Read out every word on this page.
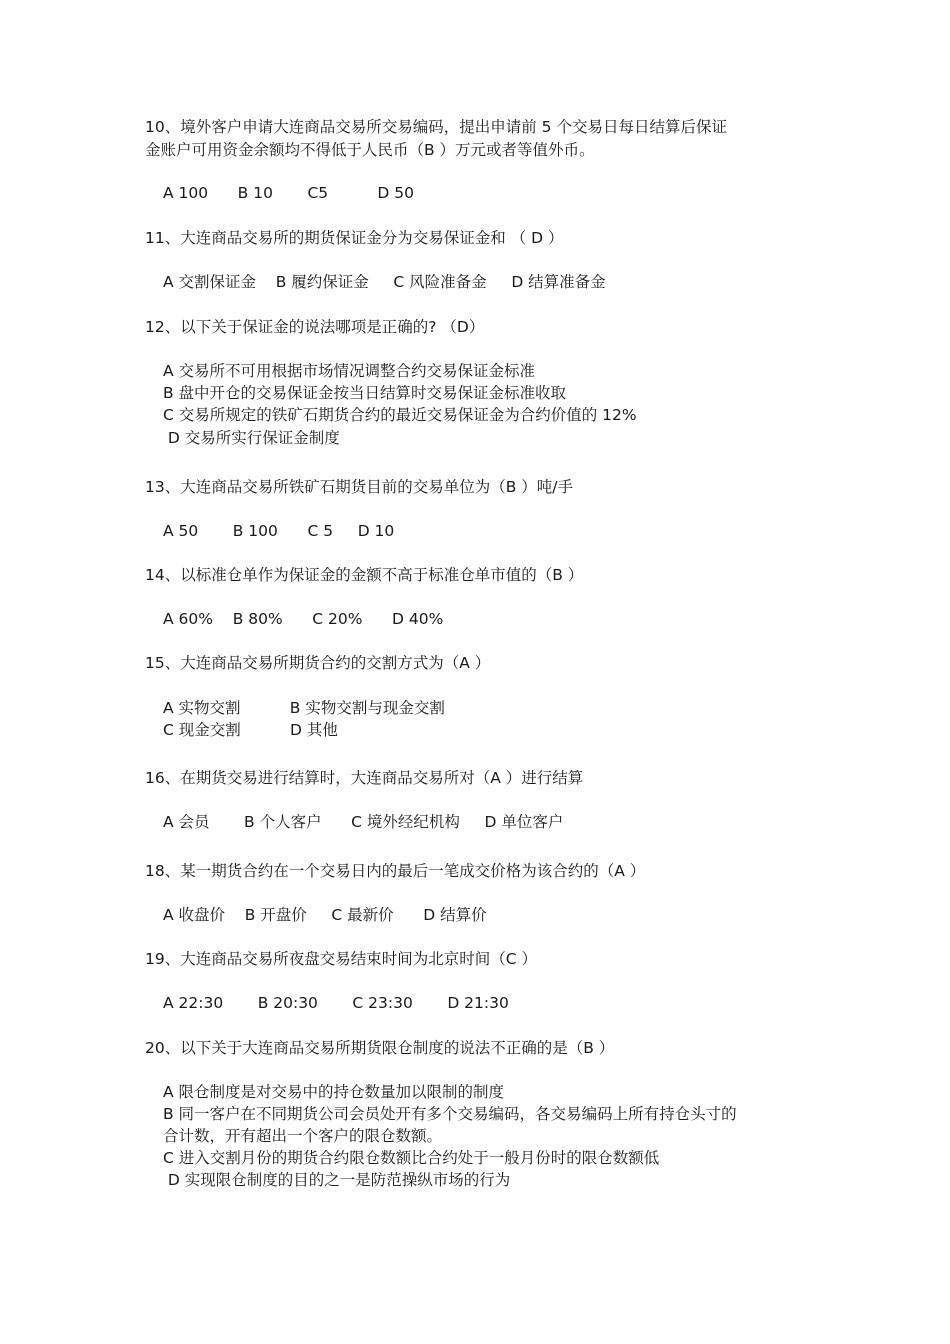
10、境外客户申请大连商品交易所交易编码，提出申请前 5 个交易日每日结算后保证
金账户可用资金余额均不得低于人民币（B ）万元或者等值外币。
A 100      B 10       C5          D 50
11、大连商品交易所的期货保证金分为交易保证金和 （ D ）
A 交割保证金    B 履约保证金     C 风险准备金     D 结算准备金
12、以下关于保证金的说法哪项是正确的? （D）
A 交易所不可用根据市场情况调整合约交易保证金标准
B 盘中开仓的交易保证金按当日结算时交易保证金标准收取
C 交易所规定的铁矿石期货合约的最近交易保证金为合约价值的 12%
D 交易所实行保证金制度
13、大连商品交易所铁矿石期货目前的交易单位为（B ）吨/手
A 50       B 100      C 5     D 10
14、以标准仓单作为保证金的金额不高于标准仓单市值的（B ）
A 60%    B 80%      C 20%      D 40%
15、大连商品交易所期货合约的交割方式为（A ）
A 实物交割          B 实物交割与现金交割
C 现金交割          D 其他
16、在期货交易进行结算时，大连商品交易所对（A ）进行结算
A 会员       B 个人客户      C 境外经纪机构     D 单位客户
18、某一期货合约在一个交易日内的最后一笔成交价格为该合约的（A ）
A 收盘价    B 开盘价     C 最新价      D 结算价
19、大连商品交易所夜盘交易结束时间为北京时间（C ）
A 22:30       B 20:30       C 23:30       D 21:30
20、以下关于大连商品交易所期货限仓制度的说法不正确的是（B ）
A 限仓制度是对交易中的持仓数量加以限制的制度
B 同一客户在不同期货公司会员处开有多个交易编码，各交易编码上所有持仓头寸的
合计数，开有超出一个客户的限仓数额。
C 进入交割月份的期货合约限仓数额比合约处于一般月份时的限仓数额低
D 实现限仓制度的目的之一是防范操纵市场的行为
